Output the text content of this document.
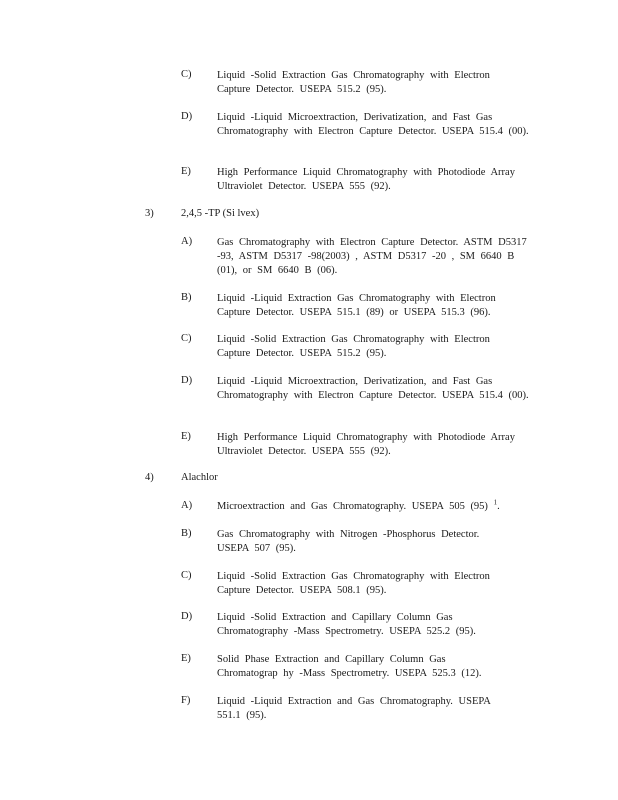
C) Liquid -Solid Extraction Gas Chromatography with Electron Capture Detector. USEPA 515.2 (95).
D) Liquid -Liquid Microextraction, Derivatization, and Fast Gas Chromatography with Electron Capture Detector. USEPA 515.4 (00).
E) High Performance Liquid Chromatography with Photodiode Array Ultraviolet Detector. USEPA 555 (92).
3)	2,4,5 -TP (Si lvex)
A) Gas Chromatography with Electron Capture Detector. ASTM D5317 -93, ASTM D5317 -98(2003) , ASTM D5317 -20 , SM 6640 B (01), or SM 6640 B (06).
B) Liquid -Liquid Extraction Gas Chromatography with Electron Capture Detector. USEPA 515.1 (89) or USEPA 515.3 (96).
C) Liquid -Solid Extraction Gas Chromatography with Electron Capture Detector. USEPA 515.2 (95).
D) Liquid -Liquid Microextraction, Derivatization, and Fast Gas Chromatography with Electron Capture Detector. USEPA 515.4 (00).
E) High Performance Liquid Chromatography with Photodiode Array Ultraviolet Detector. USEPA 555 (92).
4)	Alachlor
A) Microextraction and Gas Chromatography. USEPA 505 (95) $^1$.
B) Gas Chromatography with Nitrogen -Phosphorus Detector. USEPA 507 (95).
C) Liquid -Solid Extraction Gas Chromatography with Electron Capture Detector. USEPA 508.1 (95).
D) Liquid -Solid Extraction and Capillary Column Gas Chromatography -Mass Spectrometry. USEPA 525.2 (95).
E) Solid Phase Extraction and Capillary Column Gas Chromatograp hy -Mass Spectrometry. USEPA 525.3 (12).
F)	Liquid -Liquid Extraction and Gas Chromatography. USEPA 551.1 (95).
